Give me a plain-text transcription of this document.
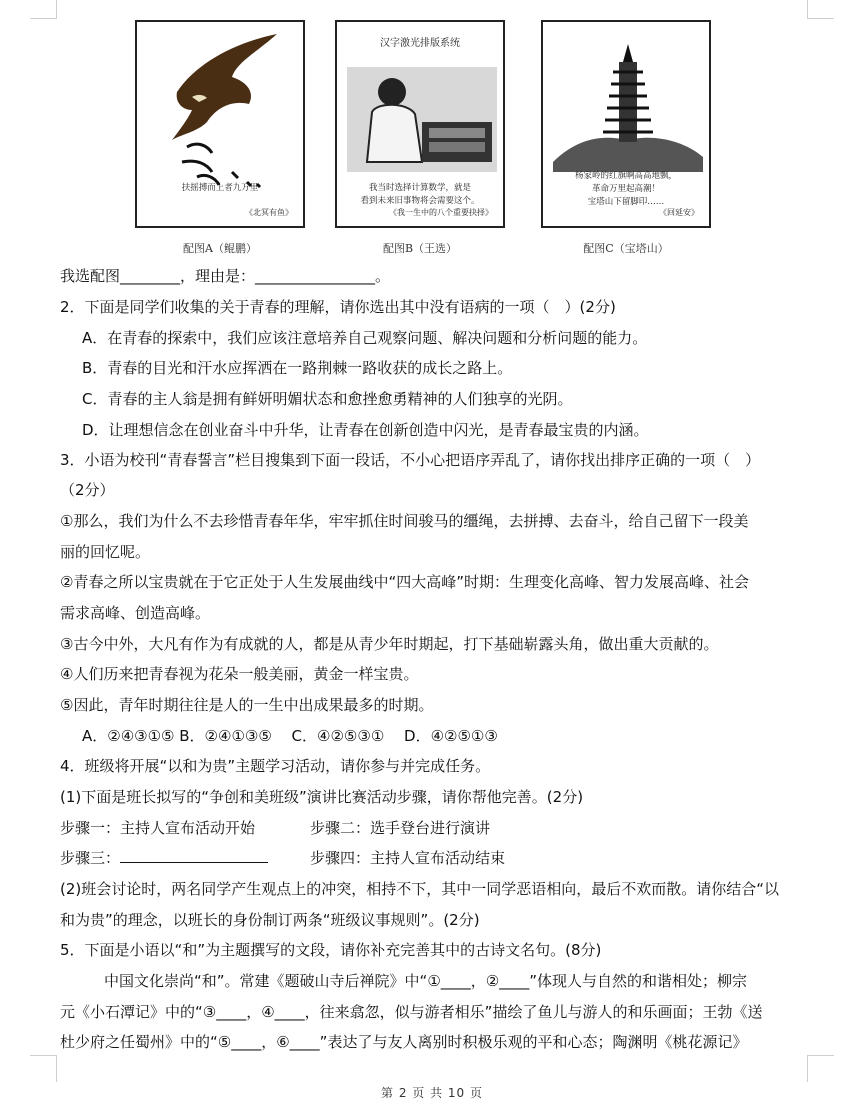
扶摇搏而上者九万里
《北冥有鱼》
配图A（鲲鹏）
汉字激光排版系统
我当时选择计算数学，就是
看到未来旧事物将会需要这个。
《我一生中的八个重要抉择》
配图B（王选）
杨家岭的红旗啊高高地飘，
革命万里起高潮！
宝塔山下留脚印……
《回延安》
配图C（宝塔山）
我选配图________，理由是：________________。
2．下面是同学们收集的关于青春的理解，请你选出其中没有语病的一项（　）(2分)
A．在青春的探索中，我们应该注意培养自己观察问题、解决问题和分析问题的能力。
B．青春的目光和汗水应挥洒在一路荆棘一路收获的成长之路上。
C．青春的主人翁是拥有鲜妍明媚状态和愈挫愈勇精神的人们独享的光阴。
D．让理想信念在创业奋斗中升华，让青春在创新创造中闪光，是青春最宝贵的内涵。
3．小语为校刊“青春誓言”栏目搜集到下面一段话，不小心把语序弄乱了，请你找出排序正确的一项（　）
（2分）
①那么，我们为什么不去珍惜青春年华，牢牢抓住时间骏马的缰绳，去拼搏、去奋斗，给自己留下一段美
丽的回忆呢。
②青春之所以宝贵就在于它正处于人生发展曲线中“四大高峰”时期：生理变化高峰、智力发展高峰、社会
需求高峰、创造高峰。
③古今中外，大凡有作为有成就的人，都是从青少年时期起，打下基础崭露头角，做出重大贡献的。
④人们历来把青春视为花朵一般美丽，黄金一样宝贵。
⑤因此，青年时期往往是人的一生中出成果最多的时期。
A．②④③①⑤ B．②④①③⑤　 C．④②⑤③①　 D．④②⑤①③
4．班级将开展“以和为贵”主题学习活动，请你参与并完成任务。
(1)下面是班长拟写的“争创和美班级”演讲比赛活动步骤，请你帮他完善。(2分)
步骤一：主持人宣布活动开始	步骤二：选手登台进行演讲
步骤三：	步骤四：主持人宣布活动结束
(2)班会讨论时，两名同学产生观点上的冲突，相持不下，其中一同学恶语相向，最后不欢而散。请你结合“以
和为贵”的理念，以班长的身份制订两条“班级议事规则”。(2分)
5．下面是小语以“和”为主题撰写的文段，请你补充完善其中的古诗文名句。(8分)
中国文化崇尚“和”。常建《题破山寺后禅院》中“①____，②____”体现人与自然的和谐相处；柳宗
元《小石潭记》中的“③____，④____，往来翕忽，似与游者相乐”描绘了鱼儿与游人的和乐画面；王勃《送
杜少府之任蜀州》中的“⑤____，⑥____”表达了与友人离别时积极乐观的平和心态；陶渊明《桃花源记》
第 2 页 共 10 页
